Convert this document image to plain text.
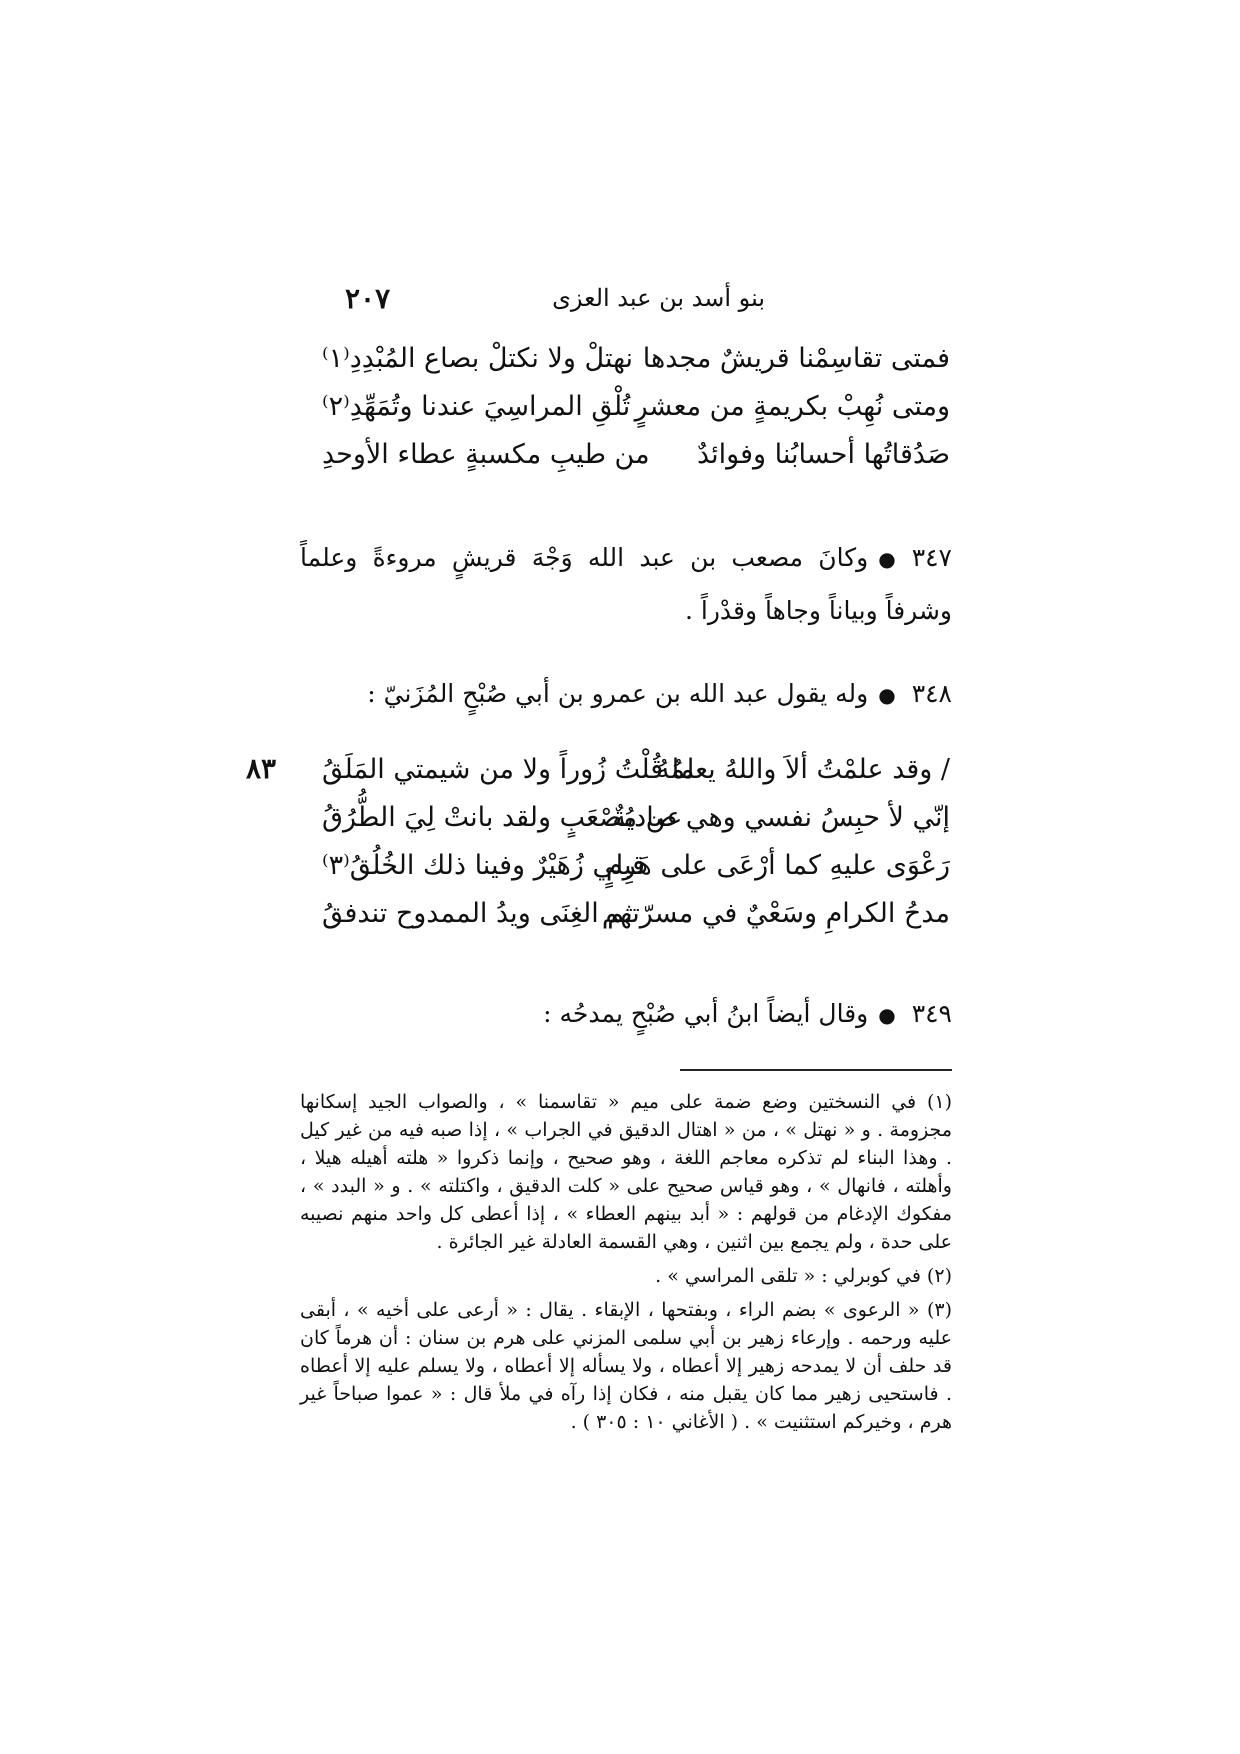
بنو أسد بن عبد العزى
٢٠٧
فمتى تقاسِمْنا قريشٌ مجدها
نهتلْ ولا نكتلْ بصاع المُبْدِدِ⁽١⁾
ومتى نُهِبْ بكريمةٍ من معشرٍ
تُلْقِ المراسِيَ عندنا وتُمَهِّدِ⁽٢⁾
صَدُقاتُها أحسابُنا وفوائدٌ
من طيبِ مكسبةٍ عطاء الأوحدِ
٣٤٧●وكانَ مصعب بن عبد الله وَجْهَ قريشٍ مروءةً وعلماً وشرفاً وبياناً وجاهاً وقدْراً .
٣٤٨●وله يقول عبد الله بن عمرو بن أبي صُبْحٍ المُزَنيّ :
٨٣	/ وقد علمْتُ ألاَ واللهُ يعلمُهُ
ما قُلْتُ زُوراً ولا من شيمتي المَلَقُ
إنّي لأ حبِسُ نفسي وهي صاديةٌ
عن مُصْعَبٍ ولقد بانتْ لِيَ الطُّرُقُ
رَعْوَى عليهِ كما أرْعَى على هَرِمٍ
قبلي زُهَيْرٌ وفينا ذلك الخُلُقُ⁽٣⁾
مدحُ الكرامِ وسَعْيٌ في مسرّتهم
ثم الغِنَى ويدُ الممدوح تندفقُ
٣٤٩●وقال أيضاً ابنُ أبي صُبْحٍ يمدحُه :

(١) في النسختين وضع ضمة على ميم « تقاسمنا » ، والصواب الجيد إسكانها مجزومة . و « نهتل » ، من « اهتال الدقيق في الجراب » ، إذا صبه فيه من غير كيل . وهذا البناء لم تذكره معاجم اللغة ، وهو صحيح ، وإنما ذكروا « هلته أهيله هيلا ، وأهلته ، فانهال » ، وهو قياس صحيح على « كلت الدقيق ، واكتلته » . و « البدد » ، مفكوك الإدغام من قولهم : « أبد بينهم العطاء » ، إذا أعطى كل واحد منهم نصيبه على حدة ، ولم يجمع بين اثنين ، وهي القسمة العادلة غير الجائرة .

(٢) في كوبرلي : « تلقى المراسي » .

(٣) « الرعوى » بضم الراء ، وبفتحها ، الإبقاء . يقال : « أرعى على أخيه » ، أبقى عليه ورحمه . وإرعاء زهير بن أبي سلمى المزني على هرم بن سنان : أن هرماً كان قد حلف أن لا يمدحه زهير إلا أعطاه ، ولا يسأله إلا أعطاه ، ولا يسلم عليه إلا أعطاه . فاستحيى زهير مما كان يقبل منه ، فكان إذا رآه في ملأ قال : « عموا صباحاً غير هرم ، وخيركم استثنيت » . ( الأغاني ١٠ : ٣٠٥ ) .
